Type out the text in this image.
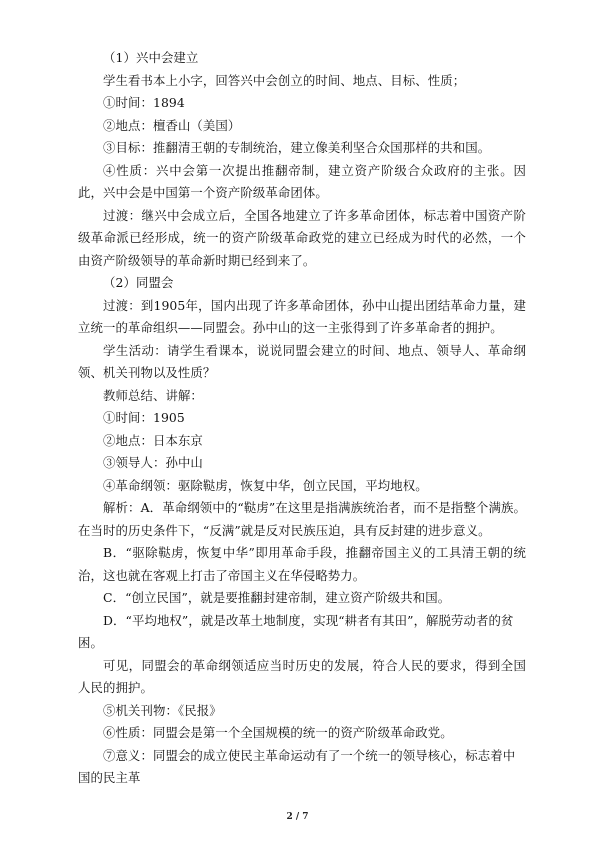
（1）兴中会建立

学生看书本上小字，回答兴中会创立的时间、地点、目标、性质；

①时间：1894

②地点：檀香山（美国）

③目标：推翻清王朝的专制统治，建立像美利坚合众国那样的共和国。

④性质：兴中会第一次提出推翻帝制，建立资产阶级合众政府的主张。因此，兴中会是中国第一个资产阶级革命团体。

过渡：继兴中会成立后，全国各地建立了许多革命团体，标志着中国资产阶级革命派已经形成，统一的资产阶级革命政党的建立已经成为时代的必然，一个由资产阶级领导的革命新时期已经到来了。

（2）同盟会

过渡：到1905年，国内出现了许多革命团体，孙中山提出团结革命力量，建立统一的革命组织——同盟会。孙中山的这一主张得到了许多革命者的拥护。

学生活动：请学生看课本，说说同盟会建立的时间、地点、领导人、革命纲领、机关刊物以及性质？

教师总结、讲解：

①时间：1905

②地点：日本东京

③领导人：孙中山

④革命纲领：驱除鞑虏，恢复中华，创立民国，平均地权。

解析：A．革命纲领中的“鞑虏”在这里是指满族统治者，而不是指整个满族。在当时的历史条件下，“反满”就是反对民族压迫，具有反封建的进步意义。

B．“驱除鞑虏，恢复中华”即用革命手段，推翻帝国主义的工具清王朝的统治，这也就在客观上打击了帝国主义在华侵略势力。

C．“创立民国”，就是要推翻封建帝制，建立资产阶级共和国。

D．“平均地权”，就是改革土地制度，实现“耕者有其田”，解脱劳动者的贫困。

可见，同盟会的革命纲领适应当时历史的发展，符合人民的要求，得到全国人民的拥护。

⑤机关刊物：《民报》

⑥性质：同盟会是第一个全国规模的统一的资产阶级革命政党。

⑦意义：同盟会的成立使民主革命运动有了一个统一的领导核心，标志着中国的民主革

2 / 7
